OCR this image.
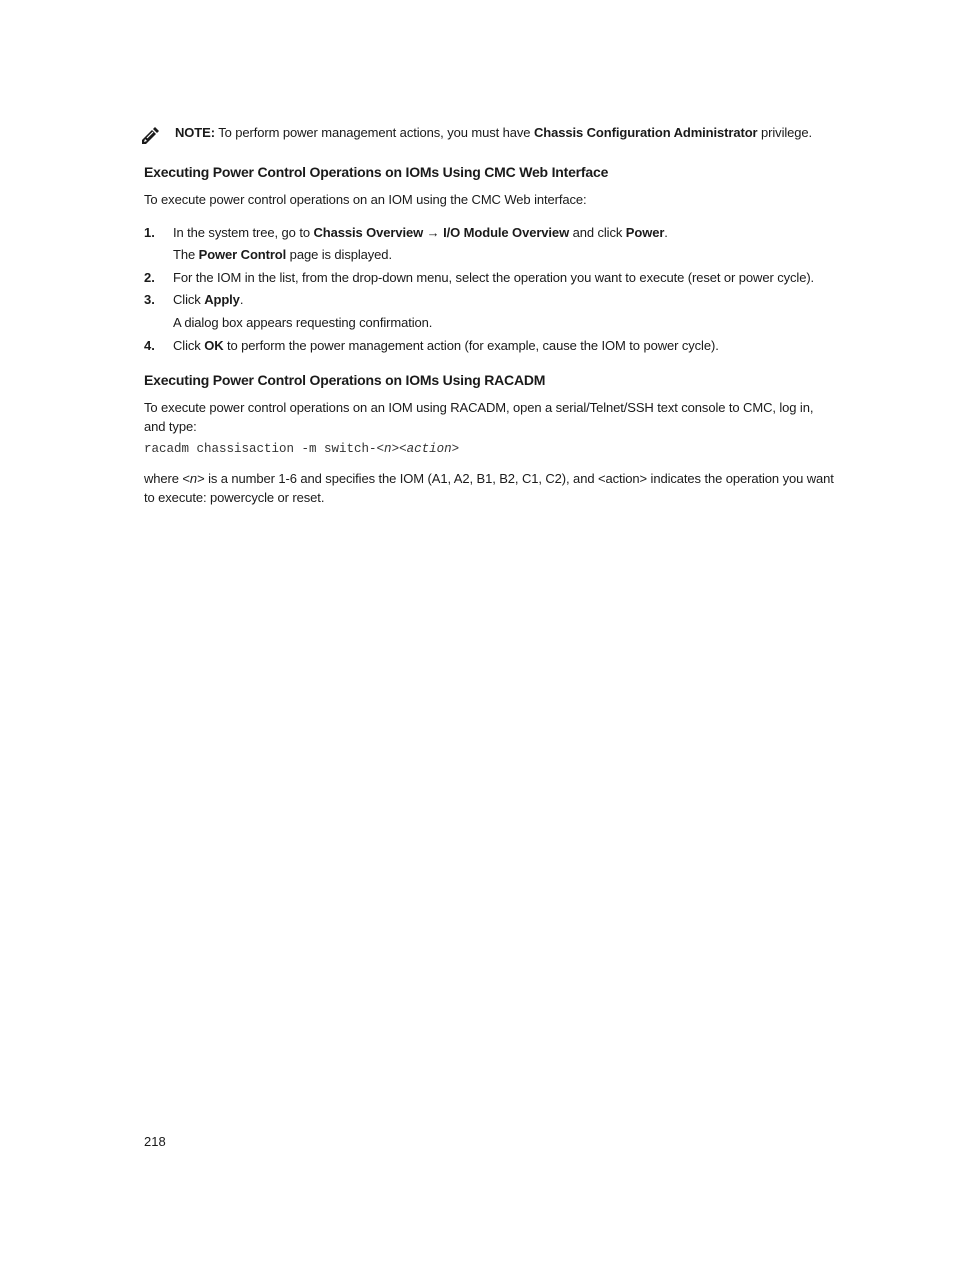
NOTE: To perform power management actions, you must have Chassis Configuration Administrator privilege.
Executing Power Control Operations on IOMs Using CMC Web Interface

To execute power control operations on an IOM using the CMC Web interface:

1. In the system tree, go to Chassis Overview → I/O Module Overview and click Power.
The Power Control page is displayed.
2. For the IOM in the list, from the drop-down menu, select the operation you want to execute (reset or power cycle).
3. Click Apply.
A dialog box appears requesting confirmation.
4. Click OK to perform the power management action (for example, cause the IOM to power cycle).
Executing Power Control Operations on IOMs Using RACADM

To execute power control operations on an IOM using RACADM, open a serial/Telnet/SSH text console to CMC, log in,

and type:

racadm chassisaction -m switch-<n><action>

where <n> is a number 1-6 and specifies the IOM (A1, A2, B1, B2, C1, C2), and <action> indicates the operation you want

to execute: powercycle or reset.

218
